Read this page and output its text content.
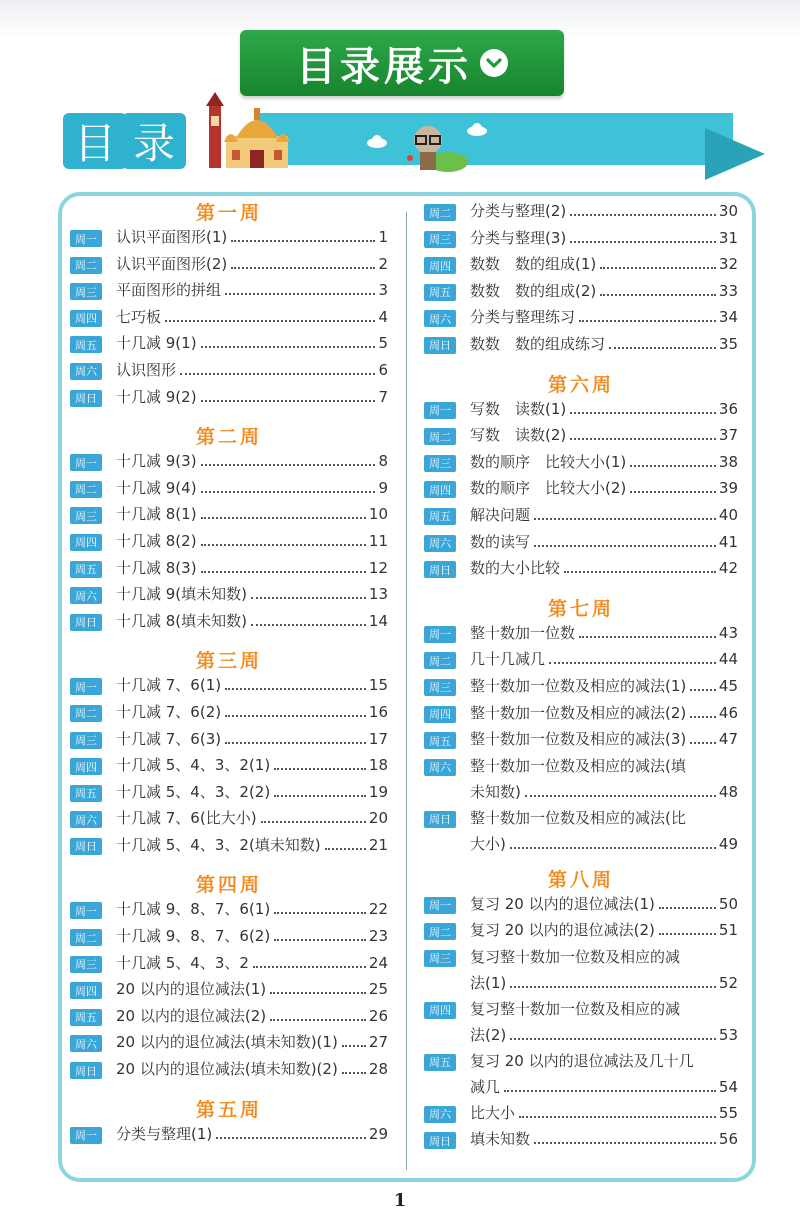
目录展示
目 录
第一周
周一	认识平面图形(1)	1
周二	认识平面图形(2)	2
周三	平面图形的拼组	3
周四	七巧板	4
周五	十几减 9(1)	5
周六	认识图形	6
周日	十几减 9(2)	7
第二周
周一	十几减 9(3)	8
周二	十几减 9(4)	9
周三	十几减 8(1)	10
周四	十几减 8(2)	11
周五	十几减 8(3)	12
周六	十几减 9(填未知数)	13
周日	十几减 8(填未知数)	14
第三周
周一	十几减 7、6(1)	15
周二	十几减 7、6(2)	16
周三	十几减 7、6(3)	17
周四	十几减 5、4、3、2(1)	18
周五	十几减 5、4、3、2(2)	19
周六	十几减 7、6(比大小)	20
周日	十几减 5、4、3、2(填未知数)	21
第四周
周一	十几减 9、8、7、6(1)	22
周二	十几减 9、8、7、6(2)	23
周三	十几减 5、4、3、2	24
周四	20 以内的退位减法(1)	25
周五	20 以内的退位减法(2)	26
周六	20 以内的退位减法(填未知数)(1) 27
周日	20 以内的退位减法(填未知数)(2) 28
第五周
周一	分类与整理(1)	29
周二	分类与整理(2)	30
周三	分类与整理(3)	31
周四	数数　数的组成(1)	32
周五	数数　数的组成(2)	33
周六	分类与整理练习	34
周日	数数　数的组成练习	35
第六周
周一	写数　读数(1)	36
周二	写数　读数(2)	37
周三	数的顺序　比较大小(1)	38
周四	数的顺序　比较大小(2)	39
周五	解决问题	40
周六	数的读写	41
周日	数的大小比较	42
第七周
周一	整十数加一位数	43
周二	几十几减几	44
周三	整十数加一位数及相应的减法(1) 45
周四	整十数加一位数及相应的减法(2) 46
周五	整十数加一位数及相应的减法(3) 47
周六	整十数加一位数及相应的减法(填
未知数)	48
周日	整十数加一位数及相应的减法(比
大小)	49
第八周
周一	复习 20 以内的退位减法(1)	50
周二	复习 20 以内的退位减法(2)	51
周三	复习整十数加一位数及相应的减
法(1)	52
周四	复习整十数加一位数及相应的减
法(2)	53
周五	复习 20 以内的退位减法及几十几
减几	54
周六	比大小	55
周日	填未知数	56
1
